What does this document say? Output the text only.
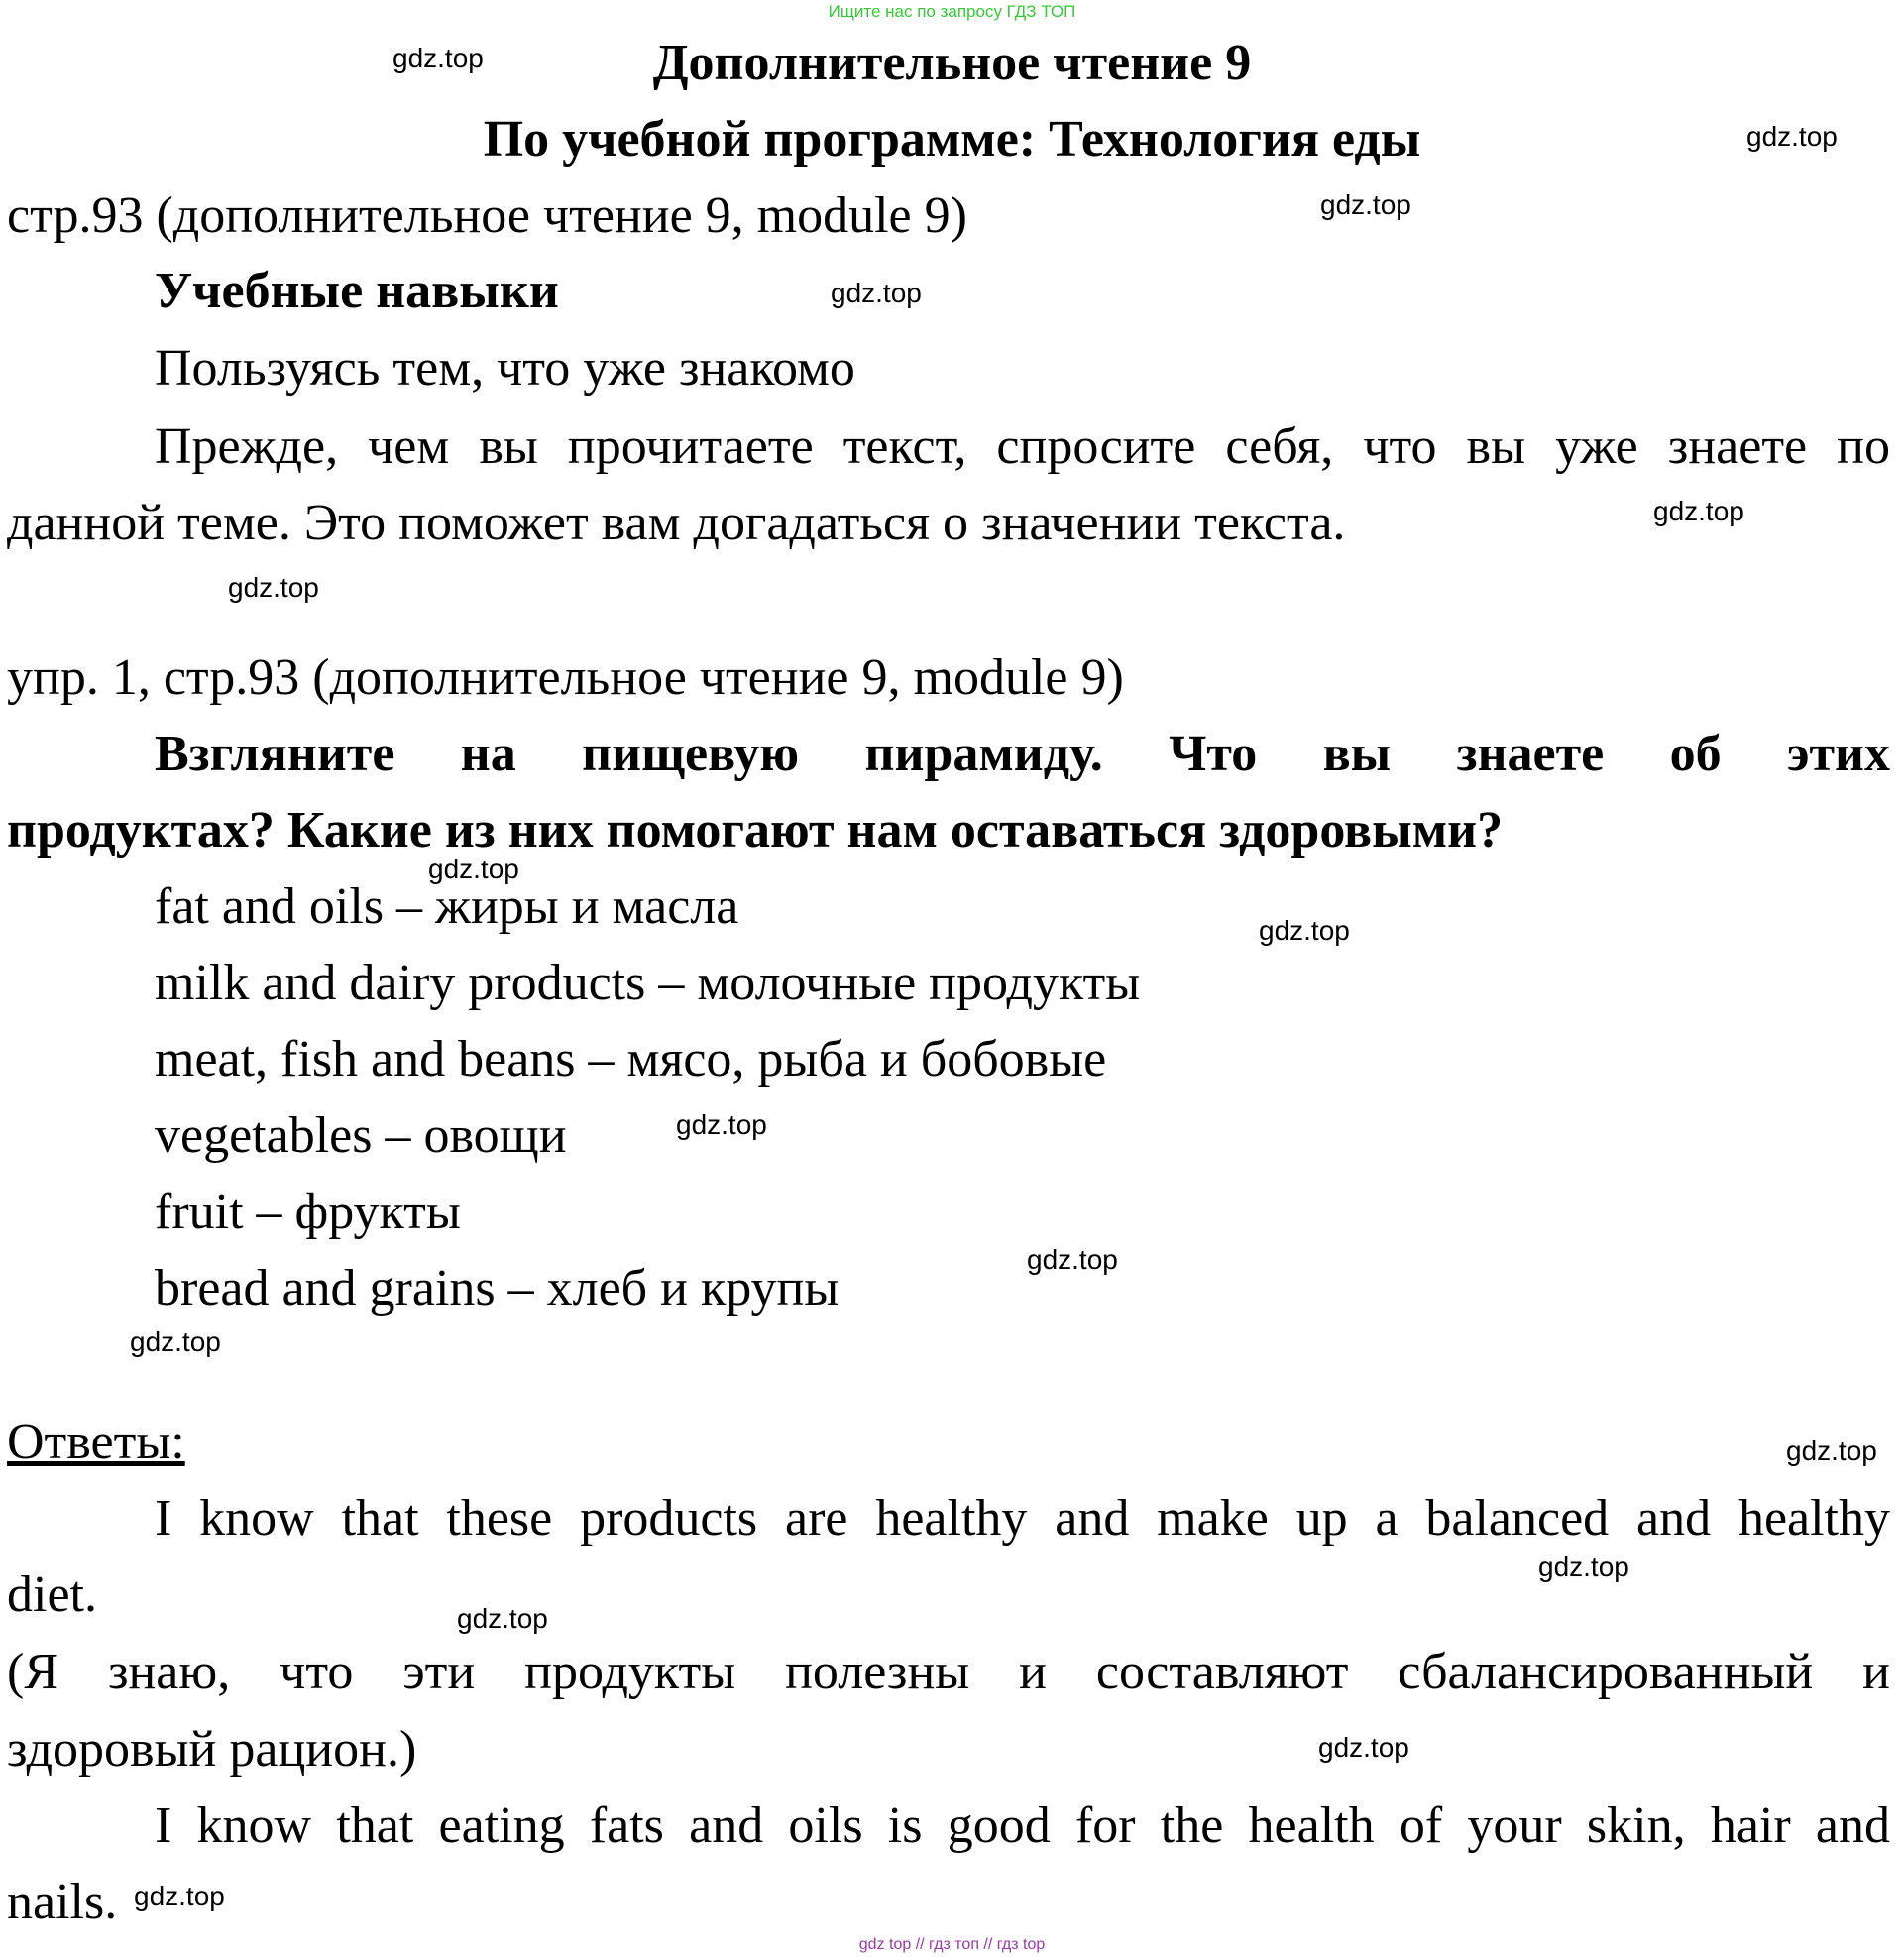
Ищите нас по запросу ГДЗ ТОП
Дополнительное чтение 9
По учебной программе: Технология еды
стр.93 (дополнительное чтение 9, module 9)
Учебные навыки
Пользуясь тем, что уже знакомо
Прежде, чем вы прочитаете текст, спросите себя, что вы уже знаете по
данной теме. Это поможет вам догадаться о значении текста.
упр. 1, стр.93 (дополнительное чтение 9, module 9)
Взгляните на пищевую пирамиду. Что вы знаете об этих
продуктах? Какие из них помогают нам оставаться здоровыми?
fat and oils – жиры и масла
milk and dairy products – молочные продукты
meat, fish and beans – мясо, рыба и бобовые
vegetables – овощи
fruit – фрукты
bread and grains – хлеб и крупы
Ответы:
I know that these products are healthy and make up a balanced and healthy
diet.
(Я знаю, что эти продукты полезны и составляют сбалансированный и
здоровый рацион.)
I know that eating fats and oils is good for the health of your skin, hair and
nails.
gdz.top
gdz.top
gdz.top
gdz.top
gdz.top
gdz.top
gdz.top
gdz.top
gdz.top
gdz.top
gdz.top
gdz.top
gdz.top
gdz.top
gdz.top
gdz.top
gdz top // гдз топ // гдз top
